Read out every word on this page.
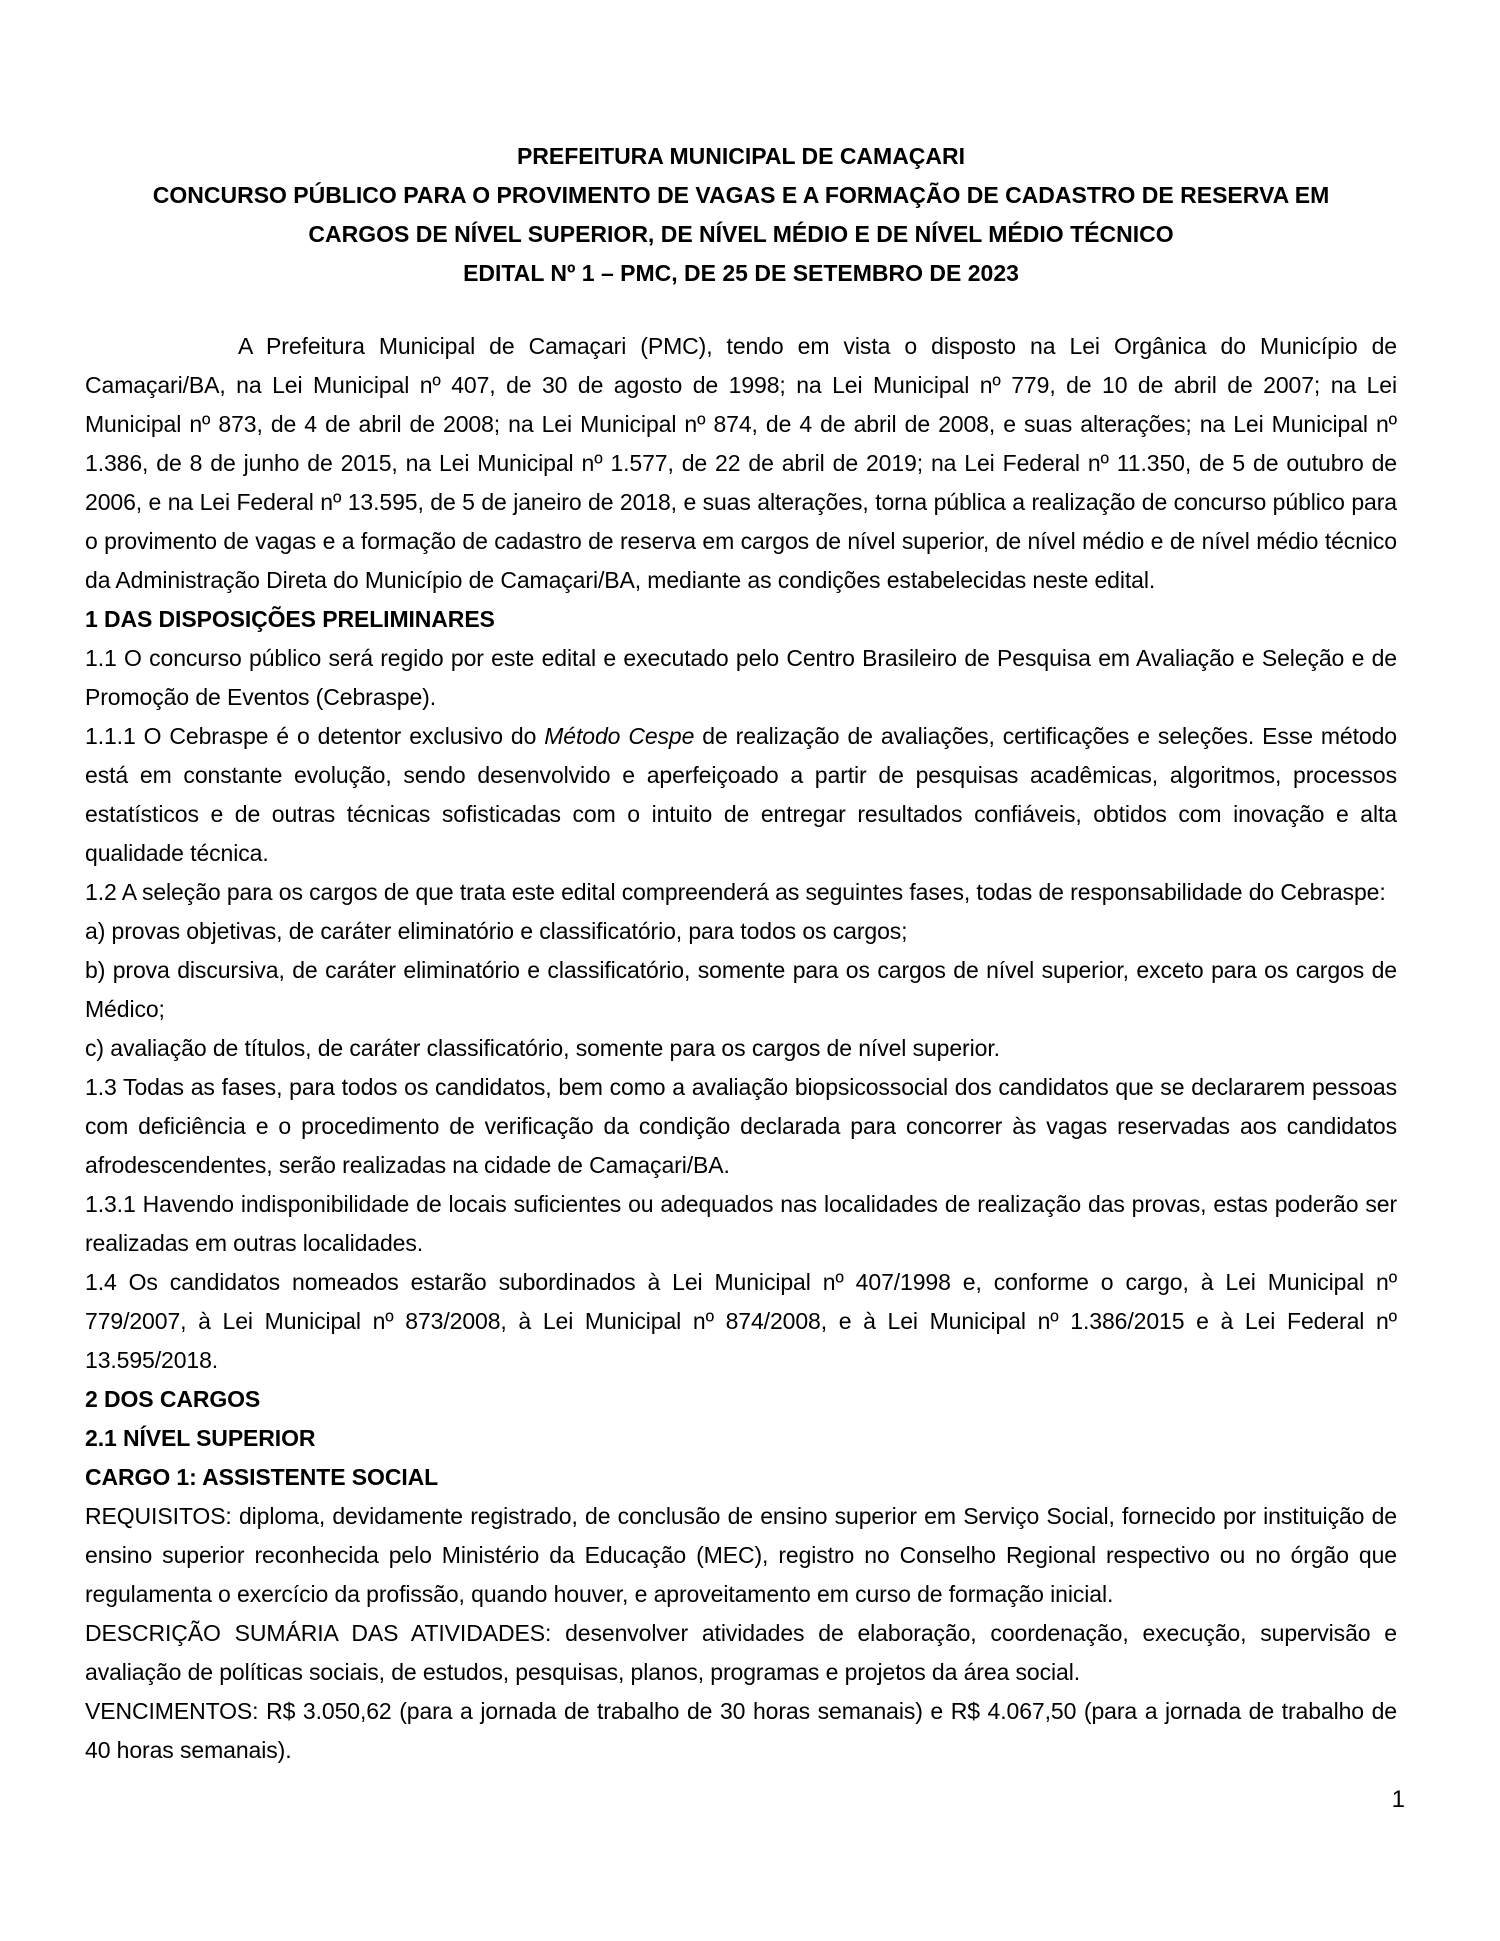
PREFEITURA MUNICIPAL DE CAMAÇARI
CONCURSO PÚBLICO PARA O PROVIMENTO DE VAGAS E A FORMAÇÃO DE CADASTRO DE RESERVA EM
CARGOS DE NÍVEL SUPERIOR, DE NÍVEL MÉDIO E DE NÍVEL MÉDIO TÉCNICO
EDITAL Nº 1 – PMC, DE 25 DE SETEMBRO DE 2023

A Prefeitura Municipal de Camaçari (PMC), tendo em vista o disposto na Lei Orgânica do Município de Camaçari/BA, na Lei Municipal nº 407, de 30 de agosto de 1998; na Lei Municipal nº 779, de 10 de abril de 2007; na Lei Municipal nº 873, de 4 de abril de 2008; na Lei Municipal nº 874, de 4 de abril de 2008, e suas alterações; na Lei Municipal nº 1.386, de 8 de junho de 2015, na Lei Municipal nº 1.577, de 22 de abril de 2019; na Lei Federal nº 11.350, de 5 de outubro de 2006, e na Lei Federal nº 13.595, de 5 de janeiro de 2018, e suas alterações, torna pública a realização de concurso público para o provimento de vagas e a formação de cadastro de reserva em cargos de nível superior, de nível médio e de nível médio técnico da Administração Direta do Município de Camaçari/BA, mediante as condições estabelecidas neste edital.

1 DAS DISPOSIÇÕES PRELIMINARES

1.1 O concurso público será regido por este edital e executado pelo Centro Brasileiro de Pesquisa em Avaliação e Seleção e de Promoção de Eventos (Cebraspe).

1.1.1 O Cebraspe é o detentor exclusivo do Método Cespe de realização de avaliações, certificações e seleções. Esse método está em constante evolução, sendo desenvolvido e aperfeiçoado a partir de pesquisas acadêmicas, algoritmos, processos estatísticos e de outras técnicas sofisticadas com o intuito de entregar resultados confiáveis, obtidos com inovação e alta qualidade técnica.

1.2 A seleção para os cargos de que trata este edital compreenderá as seguintes fases, todas de responsabilidade do Cebraspe:

a) provas objetivas, de caráter eliminatório e classificatório, para todos os cargos;

b) prova discursiva, de caráter eliminatório e classificatório, somente para os cargos de nível superior, exceto para os cargos de Médico;

c) avaliação de títulos, de caráter classificatório, somente para os cargos de nível superior.

1.3 Todas as fases, para todos os candidatos, bem como a avaliação biopsicossocial dos candidatos que se declararem pessoas com deficiência e o procedimento de verificação da condição declarada para concorrer às vagas reservadas aos candidatos afrodescendentes, serão realizadas na cidade de Camaçari/BA.

1.3.1 Havendo indisponibilidade de locais suficientes ou adequados nas localidades de realização das provas, estas poderão ser realizadas em outras localidades.

1.4 Os candidatos nomeados estarão subordinados à Lei Municipal nº 407/1998 e, conforme o cargo, à Lei Municipal nº 779/2007, à Lei Municipal nº 873/2008, à Lei Municipal nº 874/2008, e à Lei Municipal nº 1.386/2015 e à Lei Federal nº 13.595/2018.

2 DOS CARGOS

2.1 NÍVEL SUPERIOR

CARGO 1: ASSISTENTE SOCIAL

REQUISITOS: diploma, devidamente registrado, de conclusão de ensino superior em Serviço Social, fornecido por instituição de ensino superior reconhecida pelo Ministério da Educação (MEC), registro no Conselho Regional respectivo ou no órgão que regulamenta o exercício da profissão, quando houver, e aproveitamento em curso de formação inicial.

DESCRIÇÃO SUMÁRIA DAS ATIVIDADES: desenvolver atividades de elaboração, coordenação, execução, supervisão e avaliação de políticas sociais, de estudos, pesquisas, planos, programas e projetos da área social.

VENCIMENTOS: R$ 3.050,62 (para a jornada de trabalho de 30 horas semanais) e R$ 4.067,50 (para a jornada de trabalho de 40 horas semanais).

1
